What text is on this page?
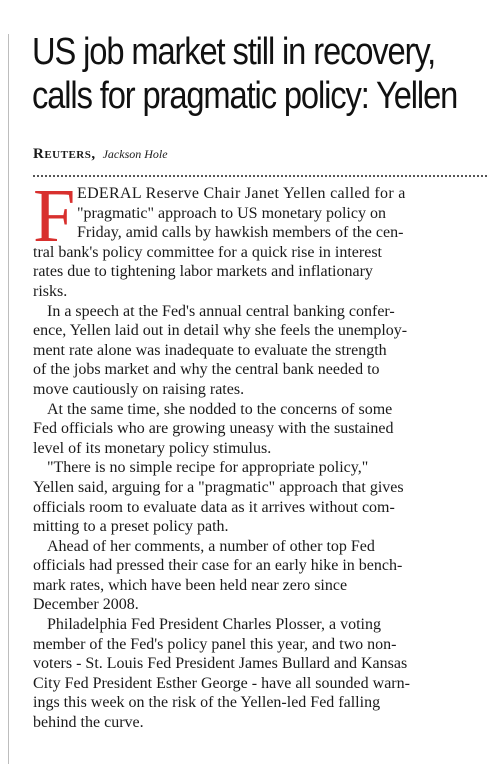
US job market still in recovery,
calls for pragmatic policy: Yellen
Reuters, Jackson Hole
F EDERAL Reserve Chair Janet Yellen called for a
"pragmatic" approach to US monetary policy on
Friday, amid calls by hawkish members of the cen-
tral bank's policy committee for a quick rise in interest
rates due to tightening labor markets and inflationary
risks.
In a speech at the Fed's annual central banking confer-
ence, Yellen laid out in detail why she feels the unemploy-
ment rate alone was inadequate to evaluate the strength
of the jobs market and why the central bank needed to
move cautiously on raising rates.
At the same time, she nodded to the concerns of some
Fed officials who are growing uneasy with the sustained
level of its monetary policy stimulus.
"There is no simple recipe for appropriate policy,"
Yellen said, arguing for a "pragmatic" approach that gives
officials room to evaluate data as it arrives without com-
mitting to a preset policy path.
Ahead of her comments, a number of other top Fed
officials had pressed their case for an early hike in bench-
mark rates, which have been held near zero since
December 2008.
Philadelphia Fed President Charles Plosser, a voting
member of the Fed's policy panel this year, and two non-
voters - St. Louis Fed President James Bullard and Kansas
City Fed President Esther George - have all sounded warn-
ings this week on the risk of the Yellen-led Fed falling
behind the curve.
